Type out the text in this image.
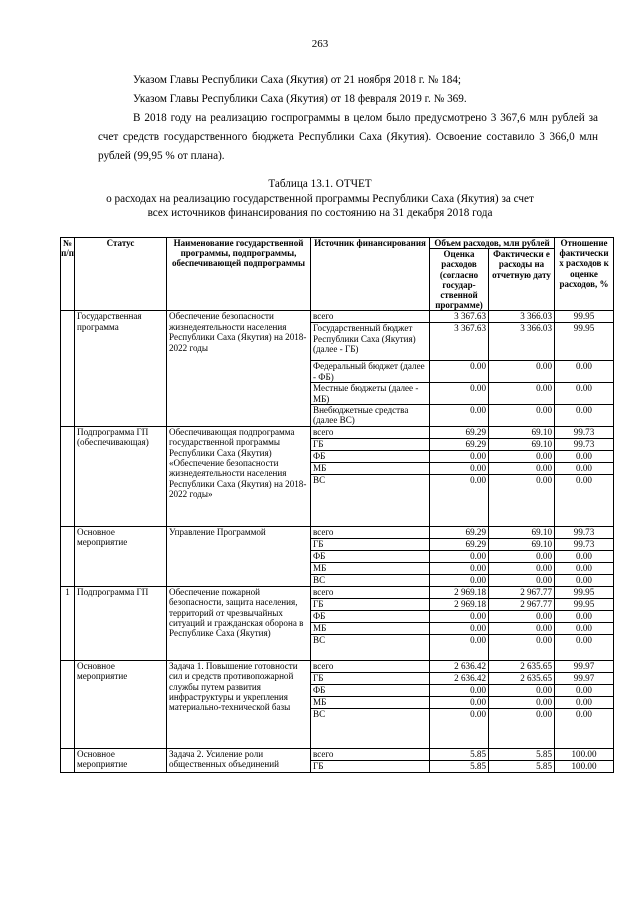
263
Указом Главы Республики Саха (Якутия) от 21 ноября 2018 г. № 184;
Указом Главы Республики Саха (Якутия) от 18 февраля 2019 г. № 369.
В 2018 году на реализацию госпрограммы в целом было предусмотрено 3 367,6 млн рублей за счет средств государственного бюджета Республики Саха (Якутия). Освоение составило 3 366,0 млн рублей (99,95 % от плана).
Таблица 13.1. ОТЧЕТ
о расходах на реализацию государственной программы Республики Саха (Якутия) за счет всех источников финансирования по состоянию на 31 декабря 2018 года
№ п/п	Статус	Наименование государственной программы, подпрограммы, обеспечивающей подпрограммы	Источник финансирования	Объем расходов, млн рублей		Отношение фактически х расходов к оценке расходов, %
				Оценка расходов (согласно государ- ственной программе)	Фактически е расходы на отчетную дату	
	Государственная программа	Обеспечение безопасности жизнедеятельности населения Республики Саха (Якутия) на 2018-2022 годы	всего	3 367.63	3 366.03	99.95
			Государственный бюджет Республики Саха (Якутия) (далее - ГБ)	3 367.63	3 366.03	99.95
			Федеральный бюджет (далее - ФБ)	0.00	0.00	0.00
			Местные бюджеты (далее - МБ)	0.00	0.00	0.00
			Внебюджетные средства (далее ВС)	0.00	0.00	0.00
	Подпрограмма ГП (обеспечивающая)	Обеспечивающая подпрограмма государственной программы Республики Саха (Якутия) «Обеспечение безопасности жизнедеятельности населения Республики Саха (Якутия) на 2018-2022 годы»	всего	69.29	69.10	99.73
			ГБ	69.29	69.10	99.73
			ФБ	0.00	0.00	0.00
			МБ	0.00	0.00	0.00
			ВС	0.00	0.00	0.00
	Основное мероприятие	Управление Программой	всего	69.29	69.10	99.73
			ГБ	69.29	69.10	99.73
			ФБ	0.00	0.00	0.00
			МБ	0.00	0.00	0.00
			ВС	0.00	0.00	0.00
1	Подпрограмма ГП	Обеспечение пожарной безопасности, защита населения, территорий от чрезвычайных ситуаций и гражданская оборона в Республике Саха (Якутия)	всего	2 969.18	2 967.77	99.95
			ГБ	2 969.18	2 967.77	99.95
			ФБ	0.00	0.00	0.00
			МБ	0.00	0.00	0.00
			ВС	0.00	0.00	0.00
	Основное мероприятие	Задача 1. Повышение готовности сил и средств противопожарной службы путем развития инфраструктуры и укрепления материально-технической базы	всего	2 636.42	2 635.65	99.97
			ГБ	2 636.42	2 635.65	99.97
			ФБ	0.00	0.00	0.00
			МБ	0.00	0.00	0.00
			ВС	0.00	0.00	0.00
	Основное мероприятие	Задача 2. Усиление роли общественных объединений	всего	5.85	5.85	100.00
			ГБ	5.85	5.85	100.00
